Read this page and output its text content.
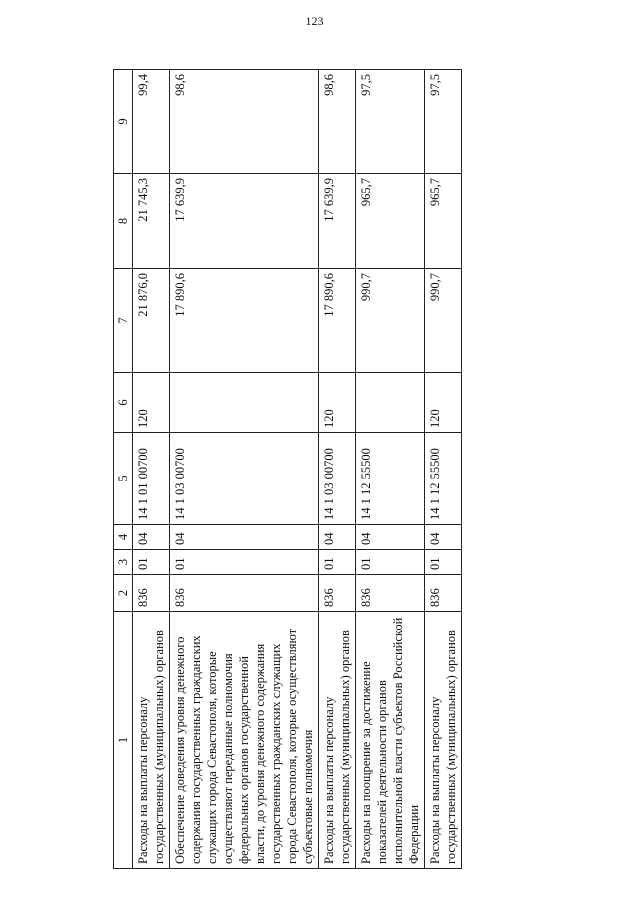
123
1	2	3	4	5	6	7	8	9
Расходы на выплаты персоналу государственных (муниципальных) органов	836	01	04	14 1 01 00700	120	21 876,0	21 745,3	99,4
Обеспечение доведения уровня денежного содержания государственных гражданских служащих города Севастополя, которые осуществляют переданные полномочия федеральных органов государственной власти, до уровня денежного содержания государственных гражданских служащих города Севастополя, которые осуществляют субъектовые полномочия	836	01	04	14 1 03 00700		17 890,6	17 639,9	98,6
Расходы на выплаты персоналу государственных (муниципальных) органов	836	01	04	14 1 03 00700	120	17 890,6	17 639,9	98,6
Расходы на поощрение за достижение показателей деятельности органов исполнительной власти субъектов Российской Федерации	836	01	04	14 1 12 55500		990,7	965,7	97,5
Расходы на выплаты персоналу государственных (муниципальных) органов	836	01	04	14 1 12 55500	120	990,7	965,7	97,5
